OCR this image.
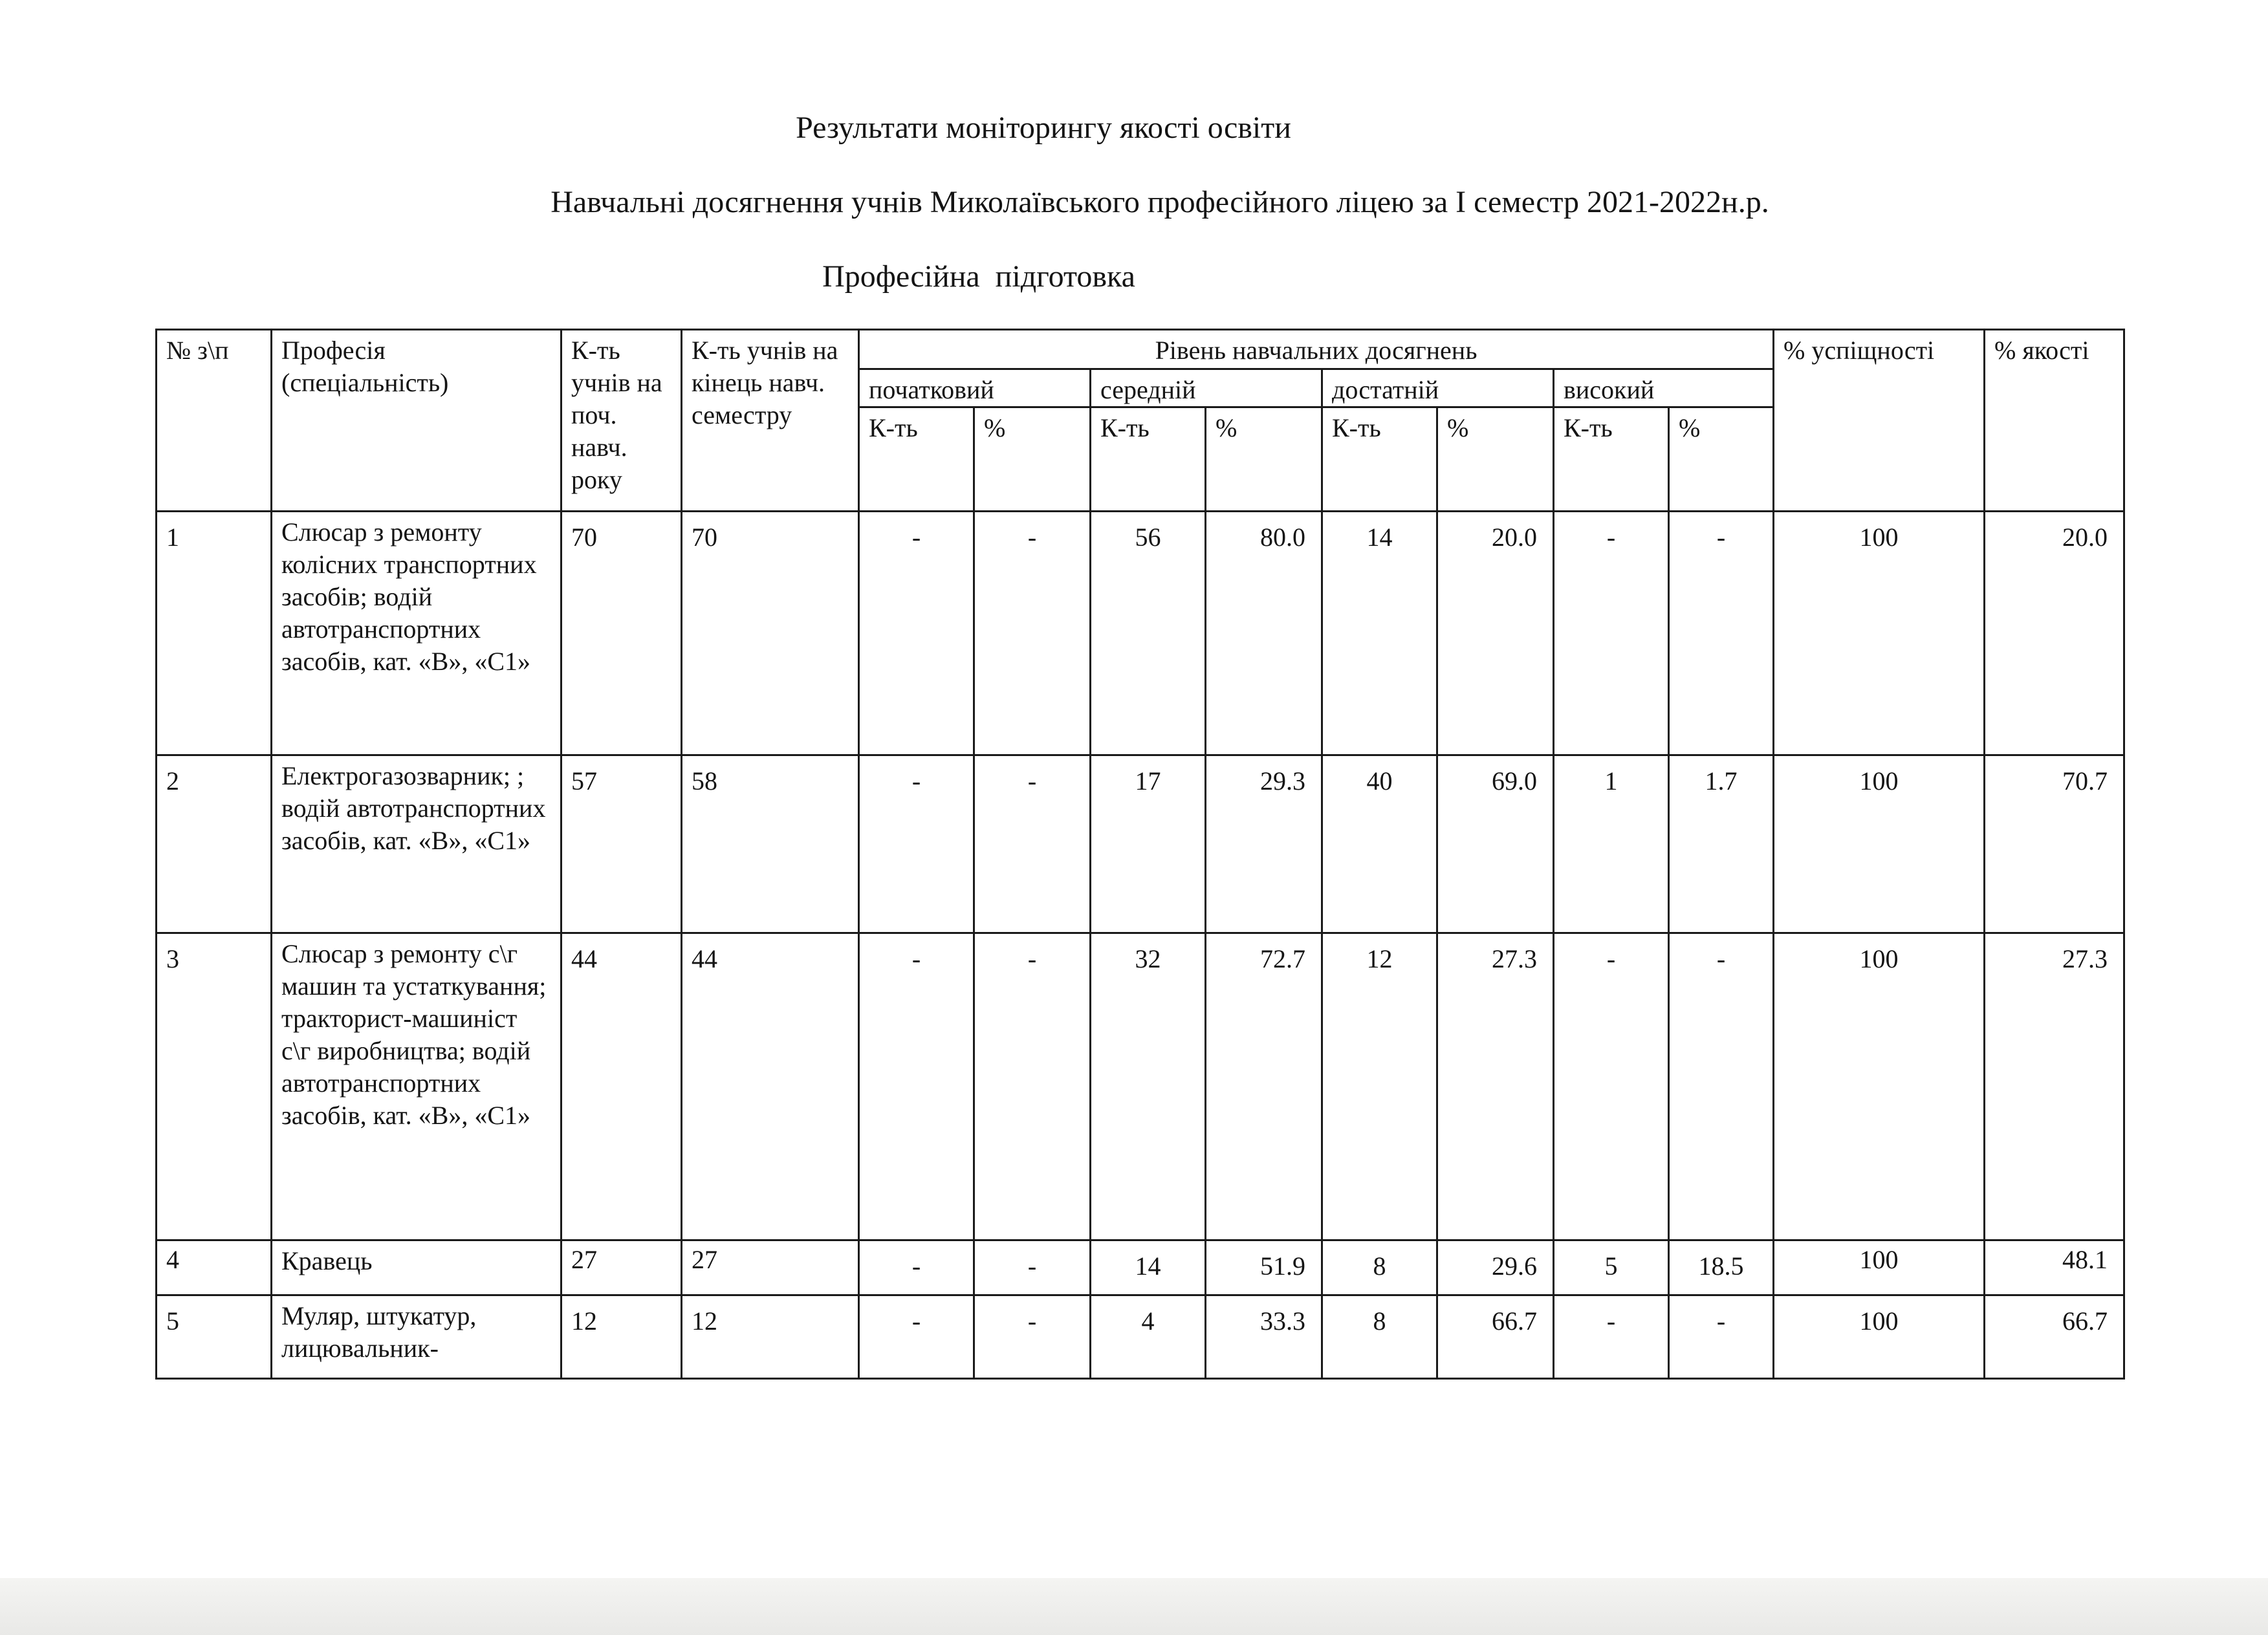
Результати моніторингу якості освіти
Навчальні досягнення учнів Миколаївського професійного ліцею за І семестр 2021-2022н.р.
Професійна  підготовка
№ з\п	Професія (спеціальність)	К-ть учнів на поч. навч. року	К-ть учнів на кінець навч. семестру	Рівень навчальних досягнень								% успіщності	% якості
				початковий		середній		достатній		високий			
				К-ть	%	К-ть	%	К-ть	%	К-ть	%		
1	Слюсар з ремонту колісних транспортних засобів; водій автотранспортних засобів, кат. «В», «С1»	70	70	-	-	56	80.0	14	20.0	-	-	100	20.0
2	Електрогазозварник; ; водій автотранспортних засобів, кат. «В», «С1»	57	58	-	-	17	29.3	40	69.0	1	1.7	100	70.7
3	Слюсар з ремонту с\г машин та устаткування; тракторист-машиніст с\г виробництва; водій автотранспортних засобів, кат. «В», «С1»	44	44	-	-	32	72.7	12	27.3	-	-	100	27.3
4	Кравець	27	27	-	-	14	51.9	8	29.6	5	18.5	100	48.1
5	Муляр, штукатур, лицювальник-	12	12	-	-	4	33.3	8	66.7	-	-	100	66.7
